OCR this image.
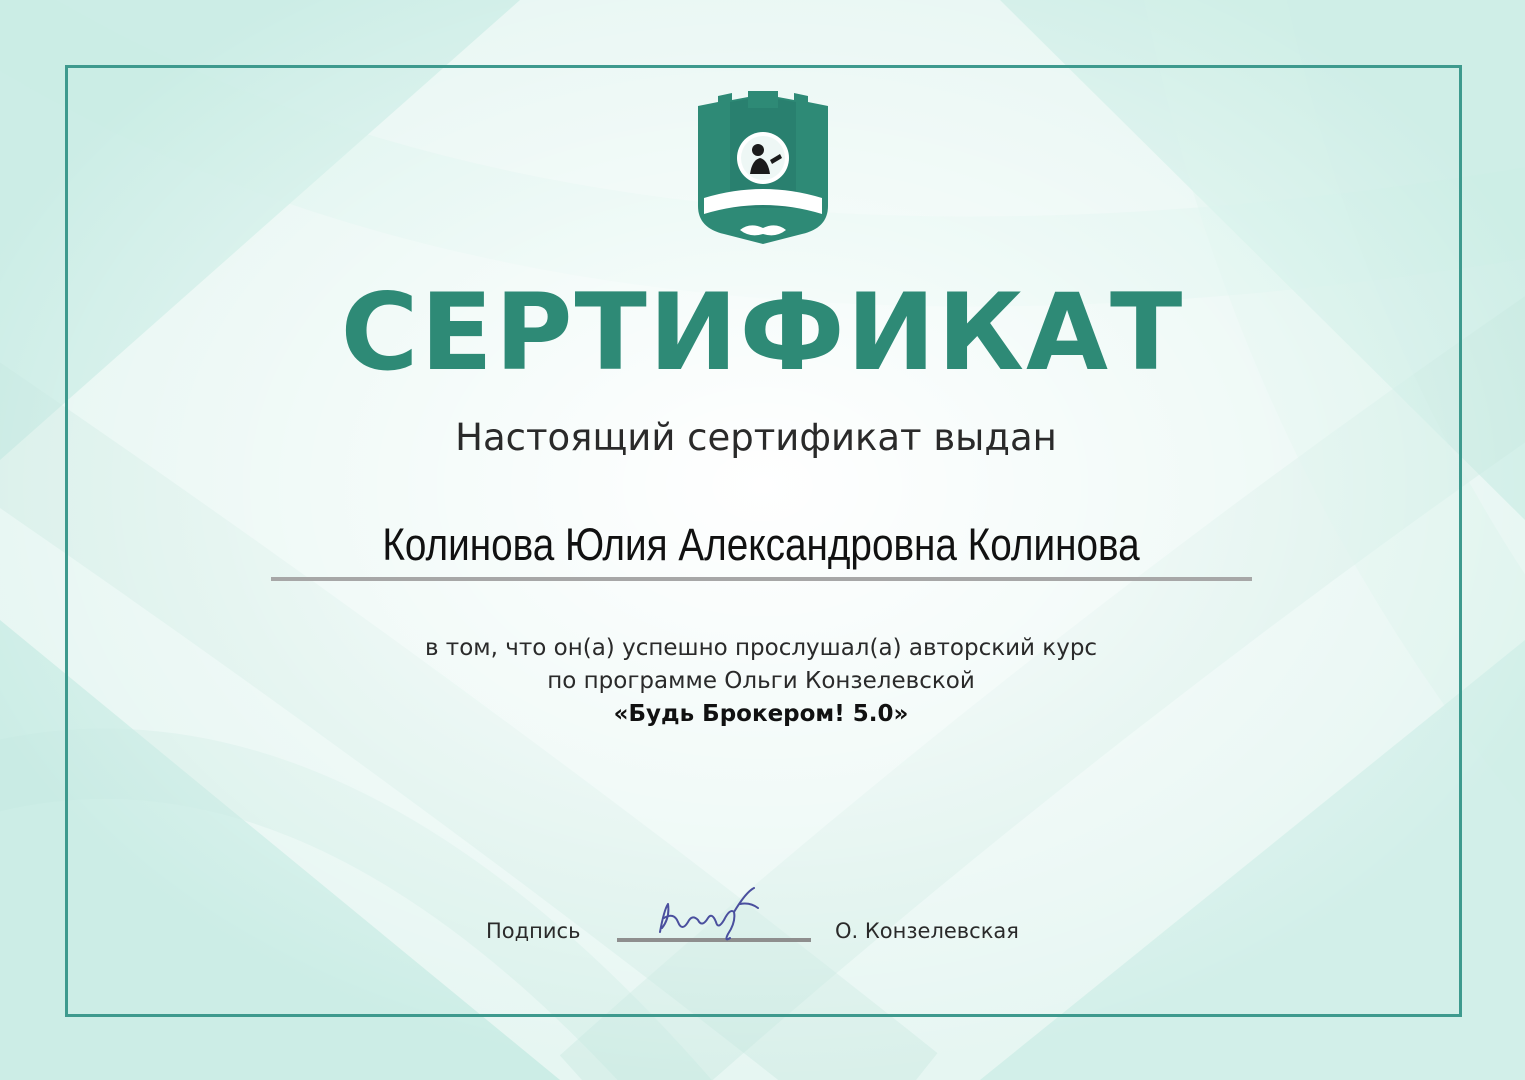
СЕРТИФИКАТ
Настоящий сертификат выдан
Колинова Юлия Александровна Колинова
в том, что он(а) успешно прослушал(а) авторский курс
по программе Ольги Конзелевской
«Будь Брокером! 5.0»
Подпись	О. Конзелевская
